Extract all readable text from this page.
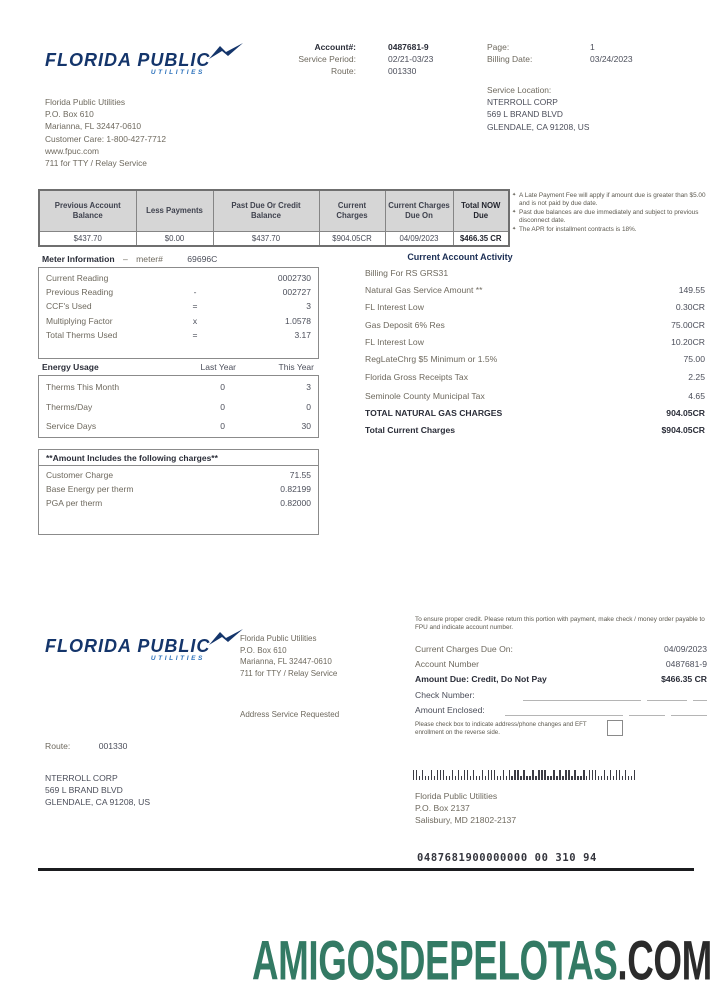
FLORIDA PUBLIC
UTILITIES
Account#:	0487681-9
Service Period:	02/21-03/23
Route:	001330
Page:	1
Billing Date:	03/24/2023
Service Location:
NTERROLL CORP
569 L BRAND BLVD
GLENDALE, CA 91208, US
Florida Public Utilities
P.O. Box 610
Marianna, FL 32447-0610
Customer Care: 1-800-427-7712
www.fpuc.com
711 for TTY / Relay Service
Previous Account Balance	Less Payments	Past Due Or Credit Balance	Current Charges	Current Charges Due On	Total NOW Due
$437.70	$0.00	$437.70	$904.05CR	04/09/2023	$466.35 CR
✦ A Late Payment Fee will apply if amount due is greater than $5.00 and is not paid by due date.
✦ Past due balances are due immediately and subject to previous disconnect date.
✦ The APR for installment contracts is 18%.
Meter Information – meter#	69696C
Current Reading	0002730
Previous Reading	-	002727
CCF's Used	=	3
Multiplying Factor	x	1.0578
Total Therms Used	=	3.17
Energy Usage	Last Year	This Year
Therms This Month	0	3
Therms/Day	0	0
Service Days	0	30
**Amount Includes the following charges**
Customer Charge	71.55
Base Energy per therm	0.82199
PGA per therm	0.82000
Current Account Activity
Billing For RS GRS31
Natural Gas Service Amount **	149.55
FL Interest Low	0.30CR
Gas Deposit 6% Res	75.00CR
FL Interest Low	10.20CR
RegLateChrg $5 Minimum or 1.5%	75.00
Florida Gross Receipts Tax	2.25
Seminole County Municipal Tax	4.65
TOTAL NATURAL GAS CHARGES	904.05CR
Total Current Charges	$904.05CR
FLORIDA PUBLIC
UTILITIES
Florida Public Utilities
P.O. Box 610
Marianna, FL 32447-0610
711 for TTY / Relay Service
Address Service Requested
To ensure proper credit. Please return this portion with payment, make check / money order payable to FPU and indicate account number.
Current Charges Due On:	04/09/2023
Account Number	0487681-9
Amount Due: Credit, Do Not Pay	$466.35 CR
Check Number:
Amount Enclosed:
Please check box to indicate address/phone changes and EFT enrollment on the reverse side.
Route:	001330
NTERROLL CORP
569 L BRAND BLVD
GLENDALE, CA 91208, US
Florida Public Utilities
P.O. Box 2137
Salisbury, MD 21802-2137
0487681900000000 00 310 94
AMIGOSDEPELOTAS.COM
